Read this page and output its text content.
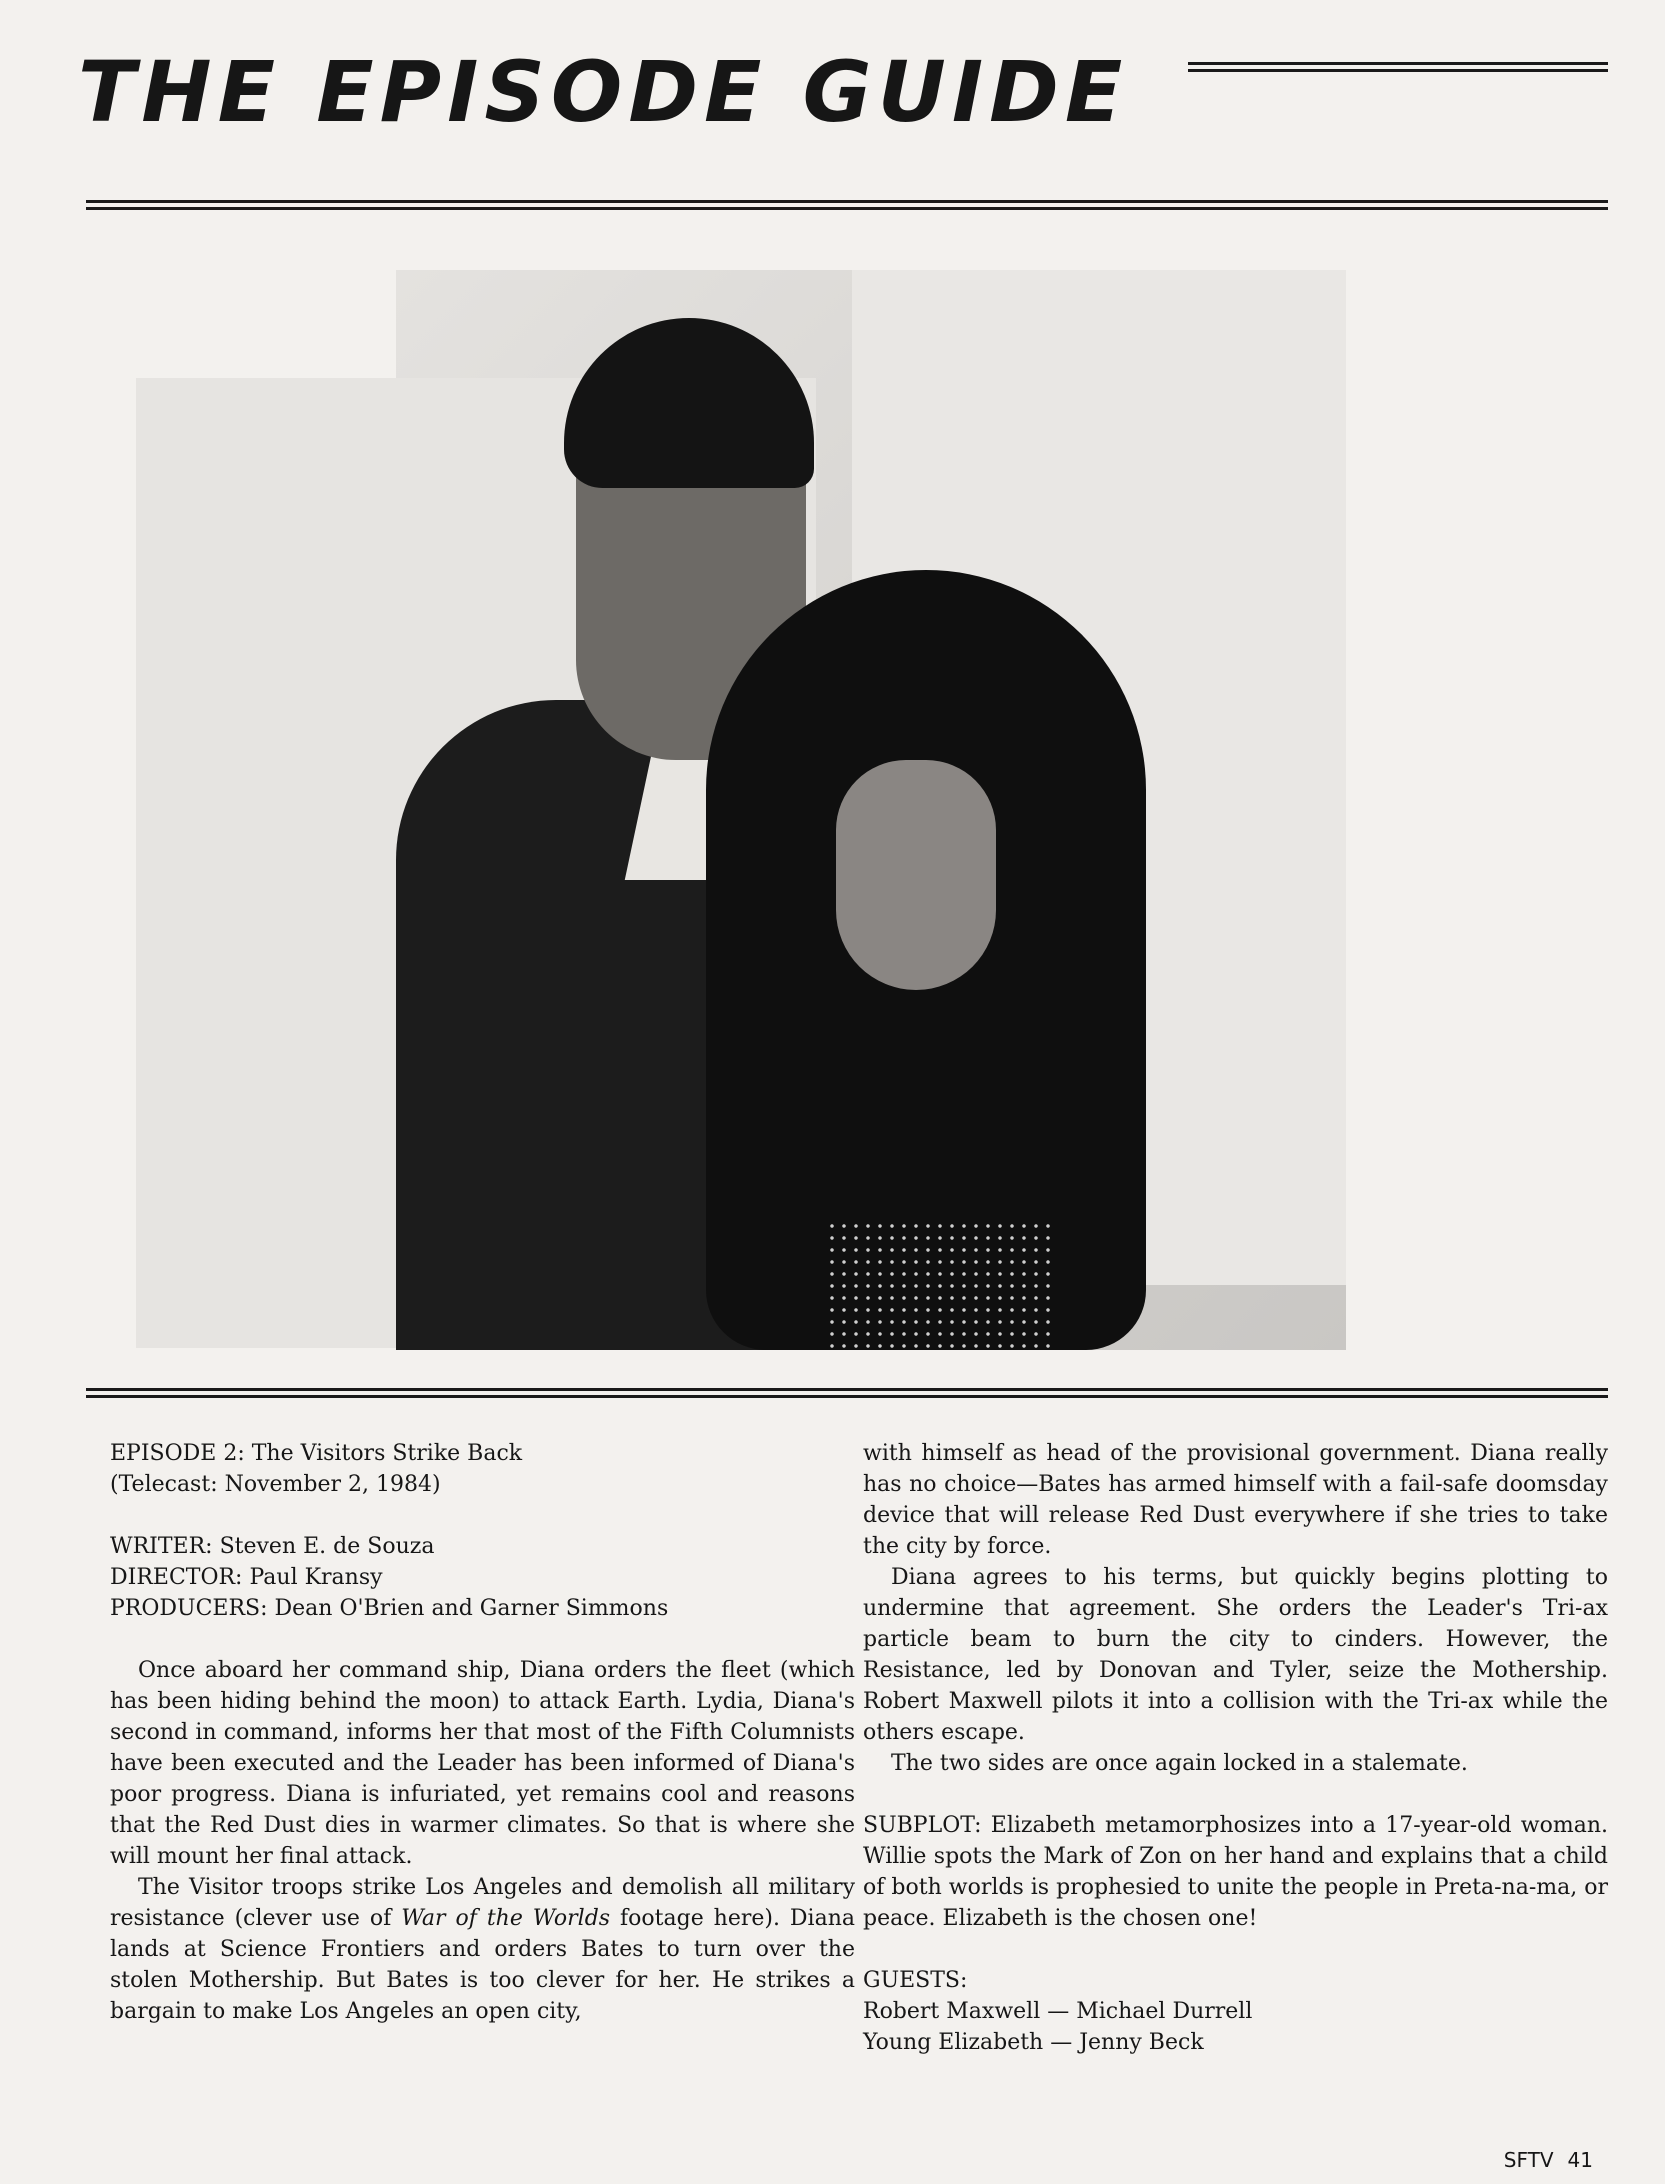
THE EPISODE GUIDE

EPISODE 2: The Visitors Strike Back

(Telecast: November 2, 1984)

WRITER: Steven E. de Souza

DIRECTOR: Paul Kransy

PRODUCERS: Dean O'Brien and Garner Simmons

Once aboard her command ship, Diana orders the fleet (which has been hiding behind the moon) to attack Earth. Lydia, Diana's second in command, informs her that most of the Fifth Columnists have been executed and the Leader has been informed of Diana's poor progress. Diana is infuriated, yet remains cool and reasons that the Red Dust dies in warmer climates. So that is where she will mount her final attack.

The Visitor troops strike Los Angeles and demolish all military resistance (clever use of War of the Worlds footage here). Diana lands at Science Frontiers and orders Bates to turn over the stolen Mothership. But Bates is too clever for her. He strikes a bargain to make Los Angeles an open city,

with himself as head of the provisional government. Diana really has no choice—Bates has armed himself with a fail-safe doomsday device that will release Red Dust everywhere if she tries to take the city by force.

Diana agrees to his terms, but quickly begins plotting to undermine that agreement. She orders the Leader's Tri-ax particle beam to burn the city to cinders. However, the Resistance, led by Donovan and Tyler, seize the Mothership. Robert Maxwell pilots it into a collision with the Tri-ax while the others escape.

The two sides are once again locked in a stalemate.

SUBPLOT: Elizabeth metamorphosizes into a 17-year-old woman. Willie spots the Mark of Zon on her hand and explains that a child of both worlds is prophesied to unite the people in Preta-na-ma, or peace. Elizabeth is the chosen one!

GUESTS:

Robert Maxwell — Michael Durrell

Young Elizabeth — Jenny Beck

SFTV 41
